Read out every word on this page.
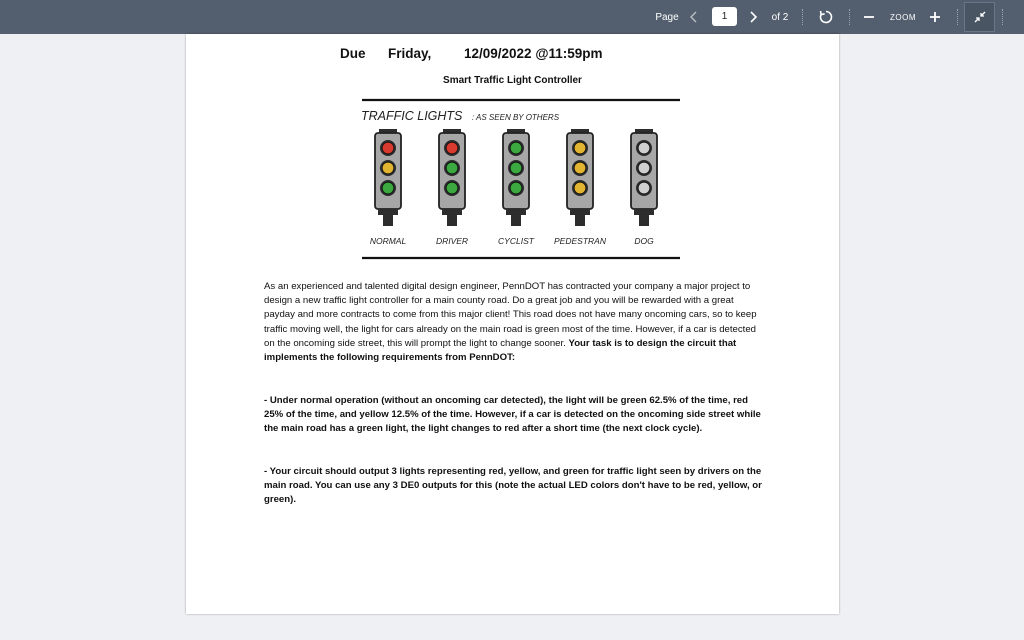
Page	1	of 2	ZOOM
Due Friday, 12/09/2022 @11:59pm
Smart Traffic Light Controller
TRAFFIC LIGHTS : AS SEEN BY OTHERS
NORMAL	DRIVER	CYCLIST PEDESTRAN	DOG
As an experienced and talented digital design engineer, PennDOT has contracted your company a major project to design a new traffic light controller for a main county road. Do a great job and you will be rewarded with a great payday and more contracts to come from this major client! This road does not have many oncoming cars, so to keep traffic moving well, the light for cars already on the main road is green most of the time. However, if a car is detected on the oncoming side street, this will prompt the light to change sooner. Your task is to design the circuit that implements the following requirements from PennDOT:
- Under normal operation (without an oncoming car detected), the light will be green 62.5% of the time, red 25% of the time, and yellow 12.5% of the time. However, if a car is detected on the oncoming side street while the main road has a green light, the light changes to red after a short time (the next clock cycle).
- Your circuit should output 3 lights representing red, yellow, and green for traffic light seen by drivers on the main road. You can use any 3 DE0 outputs for this (note the actual LED colors don't have to be red, yellow, or green).
